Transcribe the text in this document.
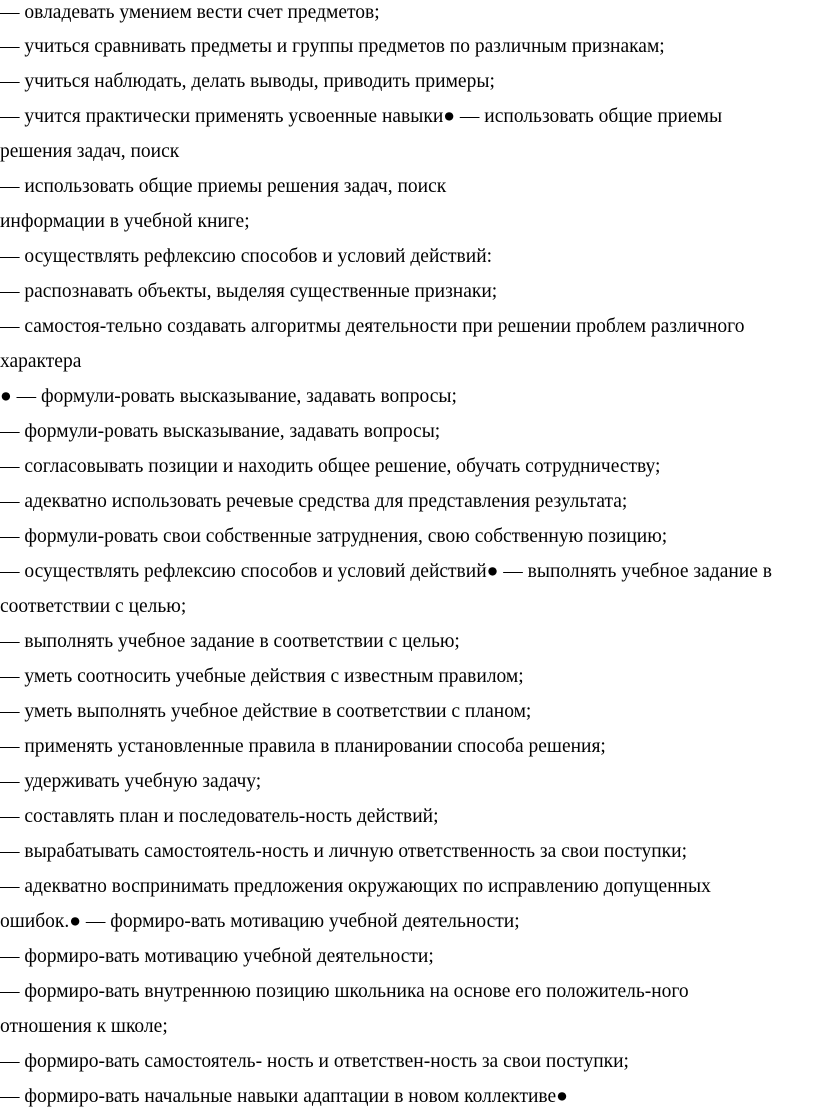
— овладевать умением вести счет предметов;
— учиться сравнивать предметы и группы предметов по различным признакам;
— учиться наблюдать, делать выводы, приводить примеры;
— учится практически применять усвоенные навыки● — использовать общие приемы
решения задач, поиск
— использовать общие приемы решения задач, поиск
информации в учебной книге;
— осуществлять рефлексию способов и условий действий:
— распознавать объекты, выделяя существенные признаки;
— самостоя-тельно создавать алгоритмы деятельности при решении проблем различного
характера
● — формули-ровать высказывание, задавать вопросы;
— формули-ровать высказывание, задавать вопросы;
— согласовывать позиции и находить общее решение, обучать сотрудничеству;
— адекватно использовать речевые средства для представления результата;
— формули-ровать свои собственные затруднения, свою собственную позицию;
— осуществлять рефлексию способов и условий действий● — выполнять учебное задание в
соответствии с целью;
— выполнять учебное задание в соответствии с целью;
— уметь соотносить учебные действия с известным правилом;
— уметь выполнять учебное действие в соответствии с планом;
— применять установленные правила в планировании способа решения;
— удерживать учебную задачу;
— составлять план и последователь-ность действий;
— вырабатывать самостоятель-ность и личную ответственность за свои поступки;
— адекватно воспринимать предложения окружающих по исправлению допущенных
ошибок.● — формиро-вать мотивацию учебной деятельности;
— формиро-вать мотивацию учебной деятельности;
— формиро-вать внутреннюю позицию школьника на основе его положитель-ного
отношения к школе;
— формиро-вать самостоятель- ность и ответствен-ность за свои поступки;
— формиро-вать начальные навыки адаптации в новом коллективе●
